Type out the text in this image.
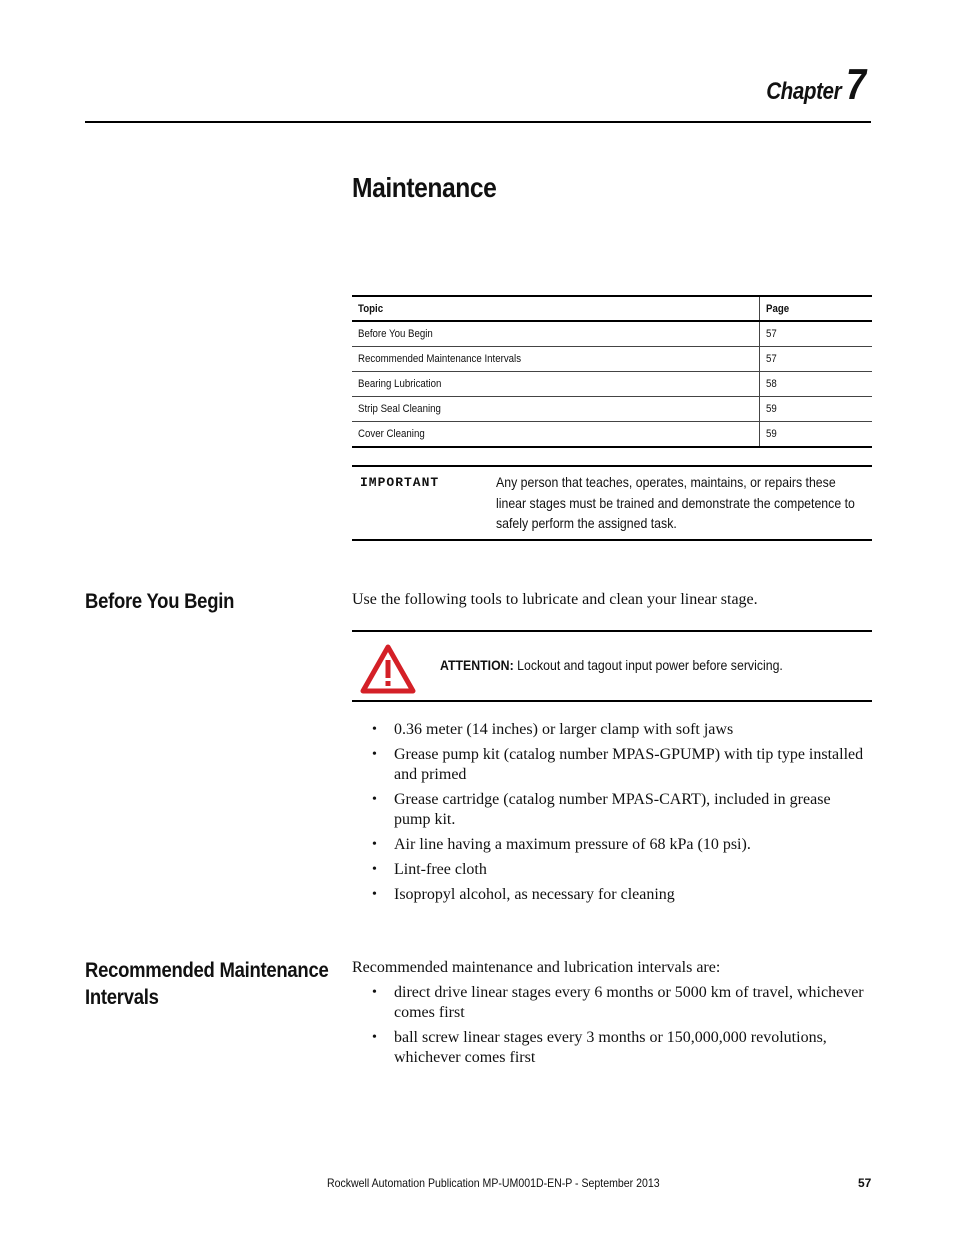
Chapter7
Maintenance
Topic	Page
Before You Begin	57
Recommended Maintenance Intervals	57
Bearing Lubrication	58
Strip Seal Cleaning	59
Cover Cleaning	59
IMPORTANT	Any person that teaches, operates, maintains, or repairs these linear stages must be trained and demonstrate the competence to safely perform the assigned task.
Before You Begin	Use the following tools to lubricate and clean your linear stage.
ATTENTION: Lockout and tagout input power before servicing.
• 0.36 meter (14 inches) or larger clamp with soft jaws
• Grease pump kit (catalog number MPAS-GPUMP) with tip type installed and primed
• Grease cartridge (catalog number MPAS-CART), included in grease pump kit.
• Air line having a maximum pressure of 68 kPa (10 psi).
• Lint-free cloth
• Isopropyl alcohol, as necessary for cleaning
Recommended Maintenance
Intervals
Recommended maintenance and lubrication intervals are:
• direct drive linear stages every 6 months or 5000 km of travel, whichever comes first
• ball screw linear stages every 3 months or 150,000,000 revolutions, whichever comes first
Rockwell Automation Publication MP-UM001D-EN-P - September 2013	57
